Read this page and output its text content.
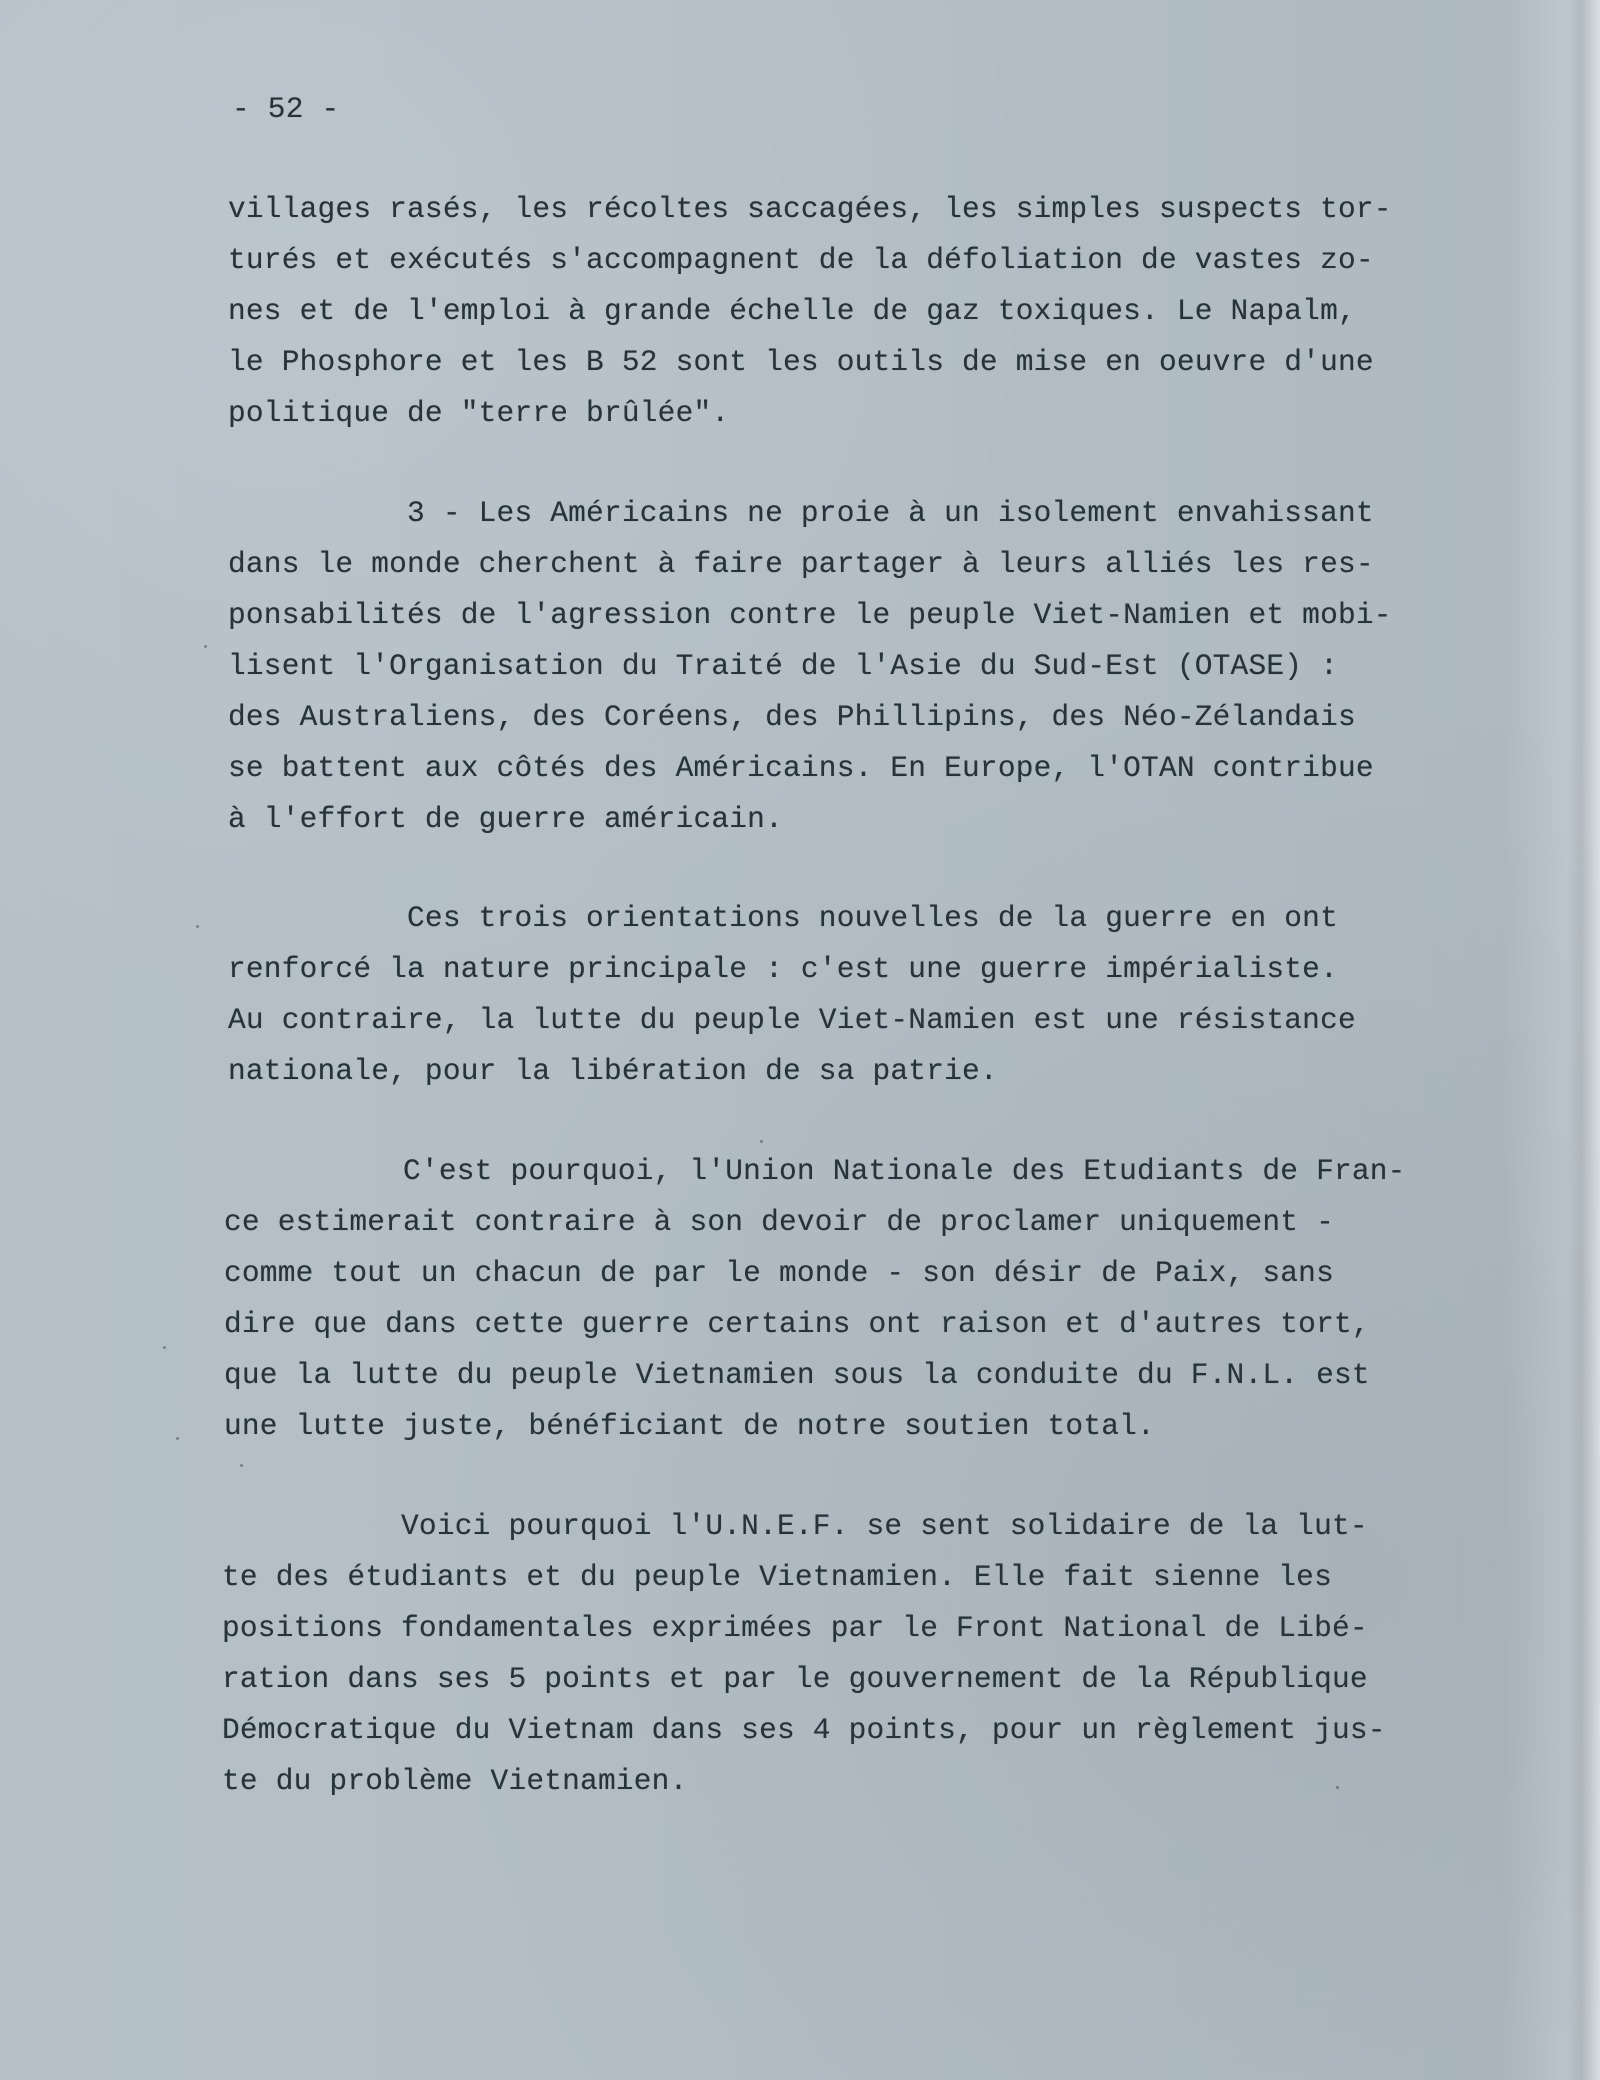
- 52 -
villages rasés, les récoltes saccagées, les simples suspects tor-
turés et exécutés s'accompagnent de la défoliation de vastes zo-
nes et de l'emploi à grande échelle de gaz toxiques. Le Napalm,
le Phosphore et les B 52 sont les outils de mise en oeuvre d'une
politique de "terre brûlée".
3 - Les Américains ne proie à un isolement envahissant
dans le monde cherchent à faire partager à leurs alliés les res-
ponsabilités de l'agression contre le peuple Viet-Namien et mobi-
lisent l'Organisation du Traité de l'Asie du Sud-Est (OTASE) :
des Australiens, des Coréens, des Phillipins, des Néo-Zélandais
se battent aux côtés des Américains. En Europe, l'OTAN contribue
à l'effort de guerre américain.
Ces trois orientations nouvelles de la guerre en ont
renforcé la nature principale : c'est une guerre impérialiste.
Au contraire, la lutte du peuple Viet-Namien est une résistance
nationale, pour la libération de sa patrie.
C'est pourquoi, l'Union Nationale des Etudiants de Fran-
ce estimerait contraire à son devoir de proclamer uniquement -
comme tout un chacun de par le monde - son désir de Paix, sans
dire que dans cette guerre certains ont raison et d'autres tort,
que la lutte du peuple Vietnamien sous la conduite du F.N.L. est
une lutte juste, bénéficiant de notre soutien total.
Voici pourquoi l'U.N.E.F. se sent solidaire de la lut-
te des étudiants et du peuple Vietnamien. Elle fait sienne les
positions fondamentales exprimées par le Front National de Libé-
ration dans ses 5 points et par le gouvernement de la République
Démocratique du Vietnam dans ses 4 points, pour un règlement jus-
te du problème Vietnamien.
